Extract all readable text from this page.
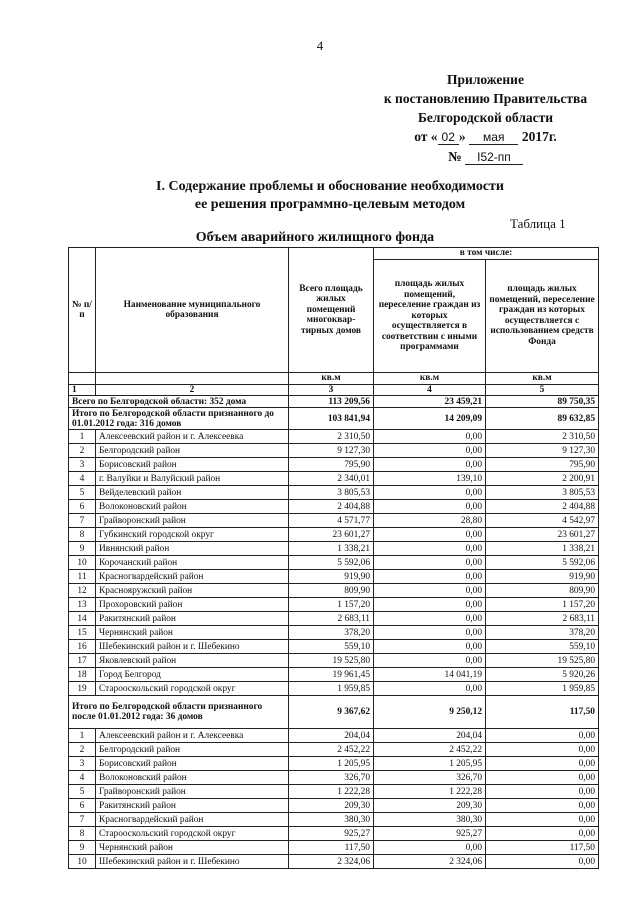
4
Приложение
к постановлению Правительства
Белгородской области
от « 02 » мая 2017г.
№ I52-пп
I. Содержание проблемы и обоснование необходимости
ее решения программно-целевым методом
Таблица 1
Объем аварийного жилищного фонда
№ п/п	Наименование муниципального образования	Всего площадь жилых помещений многоквар-тирных домов	в том числе:	
			площадь жилых помещений, переселение граждан из которых осуществляется в соответствии с иными программами	площадь жилых помещений, переселение граждан из которых осуществляется с использованием средств Фонда
		кв.м	кв.м	кв.м
1	2	3	4	5
Всего по Белгородской области: 352 дома		113 209,56	23 459,21	89 750,35
Итого по Белгородской области признанного до 01.01.2012 года: 316 домов		103 841,94	14 209,09	89 632,85
1	Алексеевский район и г. Алексеевка	2 310,50	0,00	2 310,50
2	Белгородский район	9 127,30	0,00	9 127,30
3	Борисовский район	795,90	0,00	795,90
4	г. Валуйки и Валуйский район	2 340,01	139,10	2 200,91
5	Вейделевский район	3 805,53	0,00	3 805,53
6	Волоконовский район	2 404,88	0,00	2 404,88
7	Грайворонский район	4 571,77	28,80	4 542,97
8	Губкинский городской округ	23 601,27	0,00	23 601,27
9	Ивнянский район	1 338,21	0,00	1 338,21
10	Корочанский район	5 592,06	0,00	5 592,06
11	Красногвардейский район	919,90	0,00	919,90
12	Краснояружский район	809,90	0,00	809,90
13	Прохоровский район	1 157,20	0,00	1 157,20
14	Ракитянский район	2 683,11	0,00	2 683,11
15	Чернянский район	378,20	0,00	378,20
16	Шебекинский район и г. Шебекино	559,10	0,00	559,10
17	Яковлевский район	19 525,80	0,00	19 525,80
18	Город Белгород	19 961,45	14 041,19	5 920,26
19	Старооскольский городской округ	1 959,85	0,00	1 959,85
Итого по Белгородской области признанного после 01.01.2012 года: 36 домов		9 367,62	9 250,12	117,50
1	Алексеевский район и г. Алексеевка	204,04	204,04	0,00
2	Белгородский район	2 452,22	2 452,22	0,00
3	Борисовский район	1 205,95	1 205,95	0,00
4	Волоконовский район	326,70	326,70	0,00
5	Грайворонский район	1 222,28	1 222,28	0,00
6	Ракитянский район	209,30	209,30	0,00
7	Красногвардейский район	380,30	380,30	0,00
8	Старооскольский городской округ	925,27	925,27	0,00
9	Чернянский район	117,50	0,00	117,50
10	Шебекинский район и г. Шебекино	2 324,06	2 324,06	0,00
